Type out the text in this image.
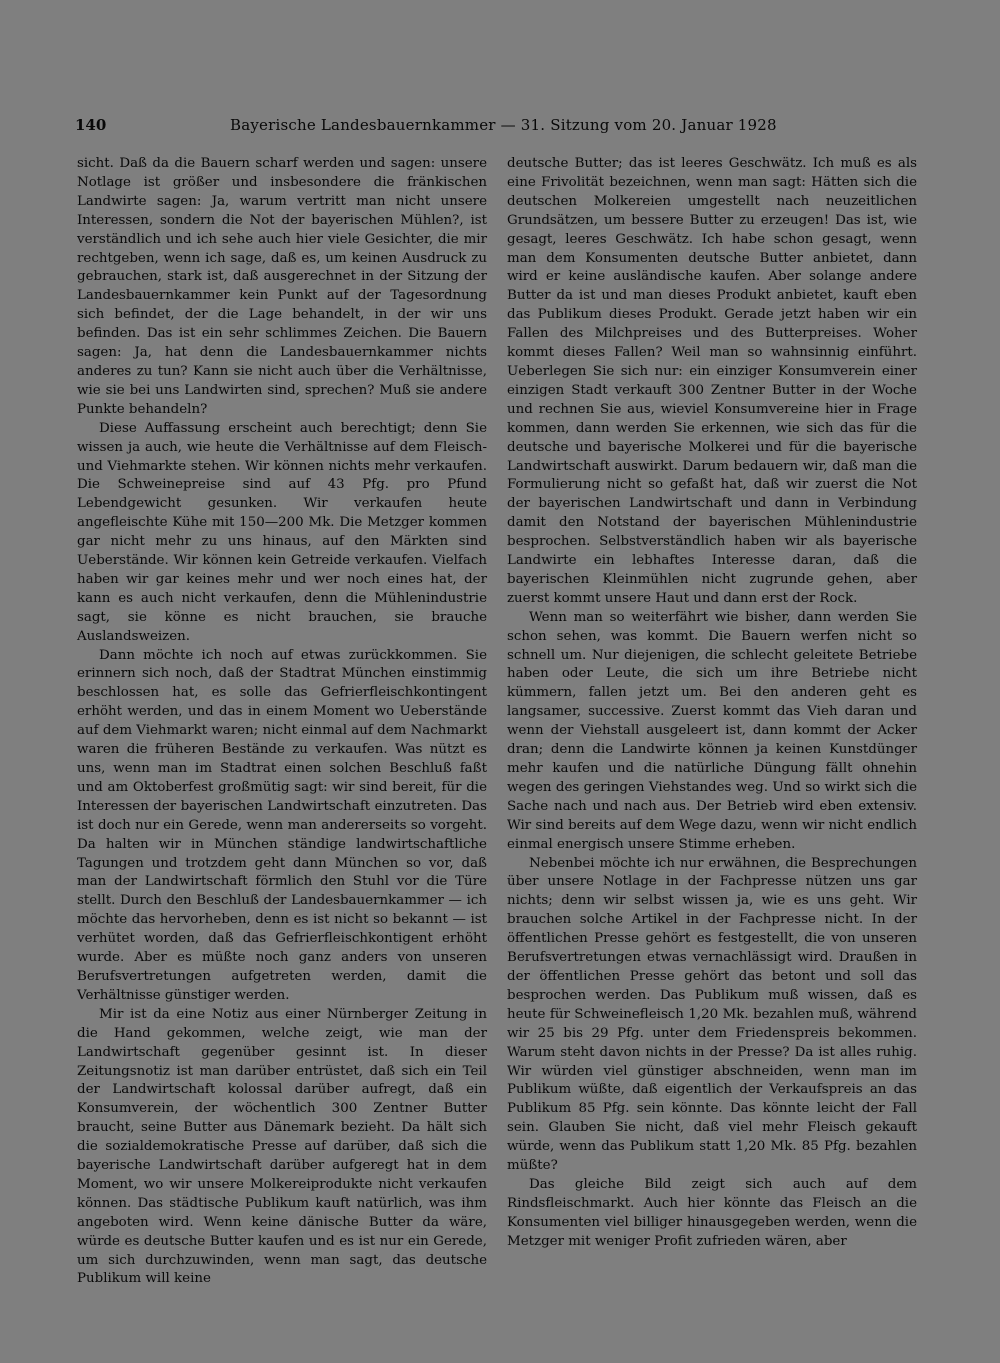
140	Bayerische Landesbauernkammer — 31. Sitzung vom 20. Januar 1928

sicht. Daß da die Bauern scharf werden und sagen: unsere Notlage ist größer und insbesondere die fränkischen Landwirte sagen: Ja, warum vertritt man nicht unsere Interessen, sondern die Not der bayerischen Mühlen?, ist verständlich und ich sehe auch hier viele Gesichter, die mir rechtgeben, wenn ich sage, daß es, um keinen Ausdruck zu gebrauchen, stark ist, daß ausgerechnet in der Sitzung der Landesbauernkammer kein Punkt auf der Tagesordnung sich befindet, der die Lage behandelt, in der wir uns befinden. Das ist ein sehr schlimmes Zeichen. Die Bauern sagen: Ja, hat denn die Landesbauernkammer nichts anderes zu tun? Kann sie nicht auch über die Verhältnisse, wie sie bei uns Landwirten sind, sprechen? Muß sie andere Punkte behandeln?

Diese Auffassung erscheint auch berechtigt; denn Sie wissen ja auch, wie heute die Verhältnisse auf dem Fleisch- und Viehmarkte stehen. Wir können nichts mehr verkaufen. Die Schweinepreise sind auf 43 Pfg. pro Pfund Lebendgewicht gesunken. Wir verkaufen heute angefleischte Kühe mit 150—200 Mk. Die Metzger kommen gar nicht mehr zu uns hinaus, auf den Märkten sind Ueberstände. Wir können kein Getreide verkaufen. Vielfach haben wir gar keines mehr und wer noch eines hat, der kann es auch nicht verkaufen, denn die Mühlenindustrie sagt, sie könne es nicht brauchen, sie brauche Auslandsweizen.

Dann möchte ich noch auf etwas zurückkommen. Sie erinnern sich noch, daß der Stadtrat München einstimmig beschlossen hat, es solle das Gefrierfleischkontingent erhöht werden, und das in einem Moment wo Ueberstände auf dem Viehmarkt waren; nicht einmal auf dem Nachmarkt waren die früheren Bestände zu verkaufen. Was nützt es uns, wenn man im Stadtrat einen solchen Beschluß faßt und am Oktoberfest großmütig sagt: wir sind bereit, für die Interessen der bayerischen Landwirtschaft einzutreten. Das ist doch nur ein Gerede, wenn man andererseits so vorgeht. Da halten wir in München ständige landwirtschaftliche Tagungen und trotzdem geht dann München so vor, daß man der Landwirtschaft förmlich den Stuhl vor die Türe stellt. Durch den Beschluß der Landesbauernkammer — ich möchte das hervorheben, denn es ist nicht so bekannt — ist verhütet worden, daß das Gefrierfleischkontigent erhöht wurde. Aber es müßte noch ganz anders von unseren Berufsvertretungen aufgetreten werden, damit die Verhältnisse günstiger werden.

Mir ist da eine Notiz aus einer Nürnberger Zeitung in die Hand gekommen, welche zeigt, wie man der Landwirtschaft gegenüber gesinnt ist. In dieser Zeitungsnotiz ist man darüber entrüstet, daß sich ein Teil der Landwirtschaft kolossal darüber aufregt, daß ein Konsumverein, der wöchentlich 300 Zentner Butter braucht, seine Butter aus Dänemark bezieht. Da hält sich die sozialdemokratische Presse auf darüber, daß sich die bayerische Landwirtschaft darüber aufgeregt hat in dem Moment, wo wir unsere Molkereiprodukte nicht verkaufen können. Das städtische Publikum kauft natürlich, was ihm angeboten wird. Wenn keine dänische Butter da wäre, würde es deutsche Butter kaufen und es ist nur ein Gerede, um sich durchzuwinden, wenn man sagt, das deutsche Publikum will keine

deutsche Butter; das ist leeres Geschwätz. Ich muß es als eine Frivolität bezeichnen, wenn man sagt: Hätten sich die deutschen Molkereien umgestellt nach neuzeitlichen Grundsätzen, um bessere Butter zu erzeugen! Das ist, wie gesagt, leeres Geschwätz. Ich habe schon gesagt, wenn man dem Konsumenten deutsche Butter anbietet, dann wird er keine ausländische kaufen. Aber solange andere Butter da ist und man dieses Produkt anbietet, kauft eben das Publikum dieses Produkt. Gerade jetzt haben wir ein Fallen des Milchpreises und des Butterpreises. Woher kommt dieses Fallen? Weil man so wahnsinnig einführt. Ueberlegen Sie sich nur: ein einziger Konsumverein einer einzigen Stadt verkauft 300 Zentner Butter in der Woche und rechnen Sie aus, wieviel Konsumvereine hier in Frage kommen, dann werden Sie erkennen, wie sich das für die deutsche und bayerische Molkerei und für die bayerische Landwirtschaft auswirkt. Darum bedauern wir, daß man die Formulierung nicht so gefaßt hat, daß wir zuerst die Not der bayerischen Landwirtschaft und dann in Verbindung damit den Notstand der bayerischen Mühlenindustrie besprochen. Selbstverständlich haben wir als bayerische Landwirte ein lebhaftes Interesse daran, daß die bayerischen Kleinmühlen nicht zugrunde gehen, aber zuerst kommt unsere Haut und dann erst der Rock.

Wenn man so weiterfährt wie bisher, dann werden Sie schon sehen, was kommt. Die Bauern werfen nicht so schnell um. Nur diejenigen, die schlecht geleitete Betriebe haben oder Leute, die sich um ihre Betriebe nicht kümmern, fallen jetzt um. Bei den anderen geht es langsamer, successive. Zuerst kommt das Vieh daran und wenn der Viehstall ausgeleert ist, dann kommt der Acker dran; denn die Landwirte können ja keinen Kunstdünger mehr kaufen und die natürliche Düngung fällt ohnehin wegen des geringen Viehstandes weg. Und so wirkt sich die Sache nach und nach aus. Der Betrieb wird eben extensiv. Wir sind bereits auf dem Wege dazu, wenn wir nicht endlich einmal energisch unsere Stimme erheben.

Nebenbei möchte ich nur erwähnen, die Besprechungen über unsere Notlage in der Fachpresse nützen uns gar nichts; denn wir selbst wissen ja, wie es uns geht. Wir brauchen solche Artikel in der Fachpresse nicht. In der öffentlichen Presse gehört es festgestellt, die von unseren Berufsvertretungen etwas vernachlässigt wird. Draußen in der öffentlichen Presse gehört das betont und soll das besprochen werden. Das Publikum muß wissen, daß es heute für Schweinefleisch 1,20 Mk. bezahlen muß, während wir 25 bis 29 Pfg. unter dem Friedenspreis bekommen. Warum steht davon nichts in der Presse? Da ist alles ruhig. Wir würden viel günstiger abschneiden, wenn man im Publikum wüßte, daß eigentlich der Verkaufspreis an das Publikum 85 Pfg. sein könnte. Das könnte leicht der Fall sein. Glauben Sie nicht, daß viel mehr Fleisch gekauft würde, wenn das Publikum statt 1,20 Mk. 85 Pfg. bezahlen müßte?

Das gleiche Bild zeigt sich auch auf dem Rindsfleischmarkt. Auch hier könnte das Fleisch an die Konsumenten viel billiger hinausgegeben werden, wenn die Metzger mit weniger Profit zufrieden wären, aber
